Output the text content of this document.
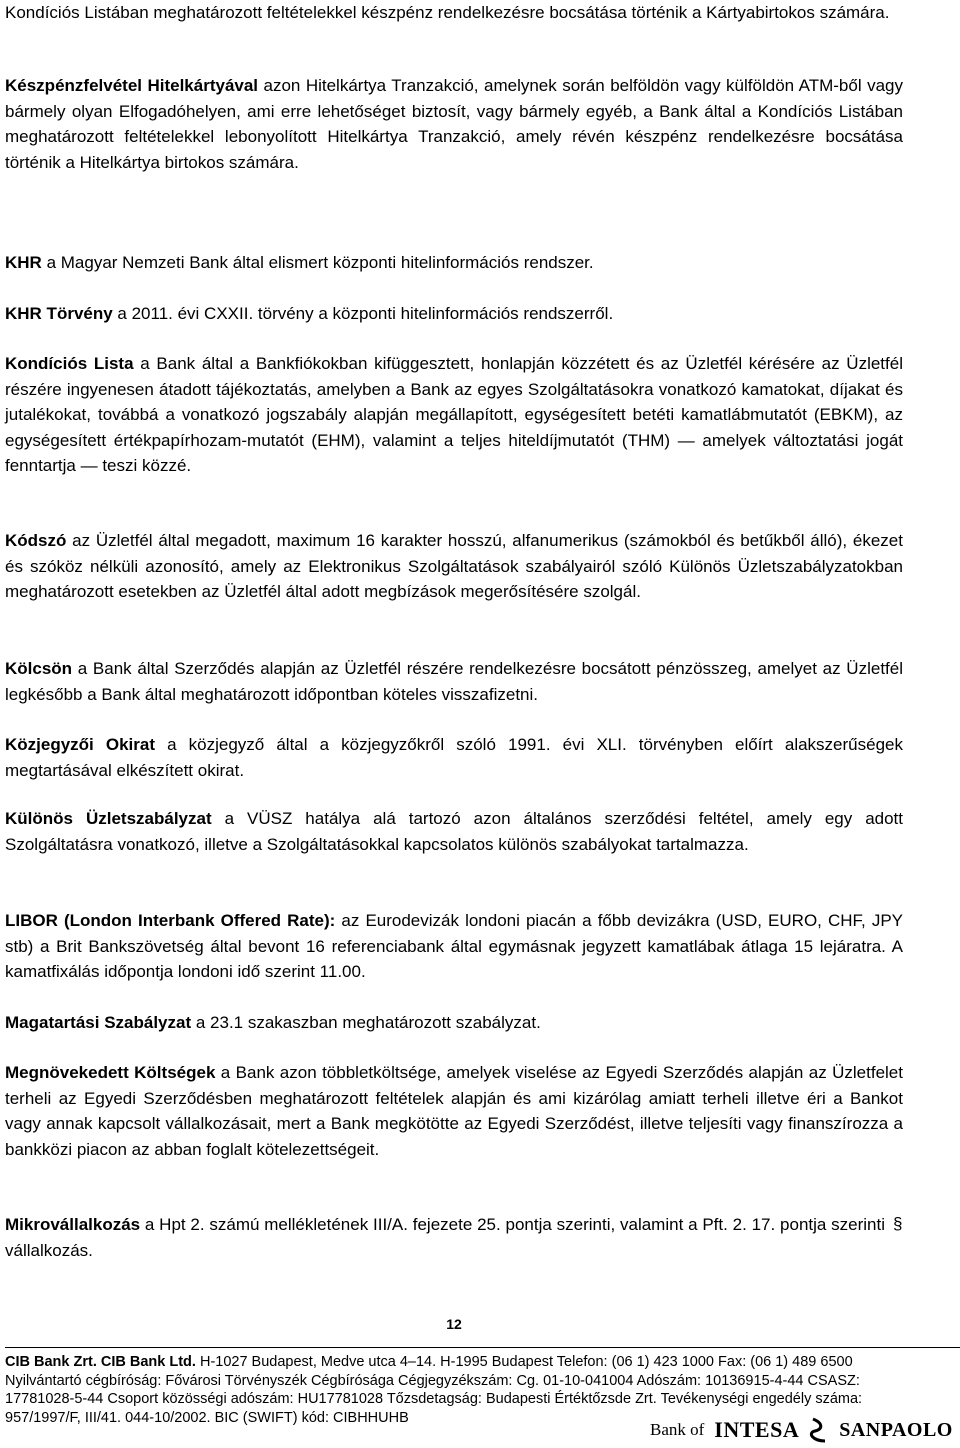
Kondíciós Listában meghatározott feltételekkel készpénz rendelkezésre bocsátása történik a Kártyabirtokos számára.

Készpénzfelvétel Hitelkártyával azon Hitelkártya Tranzakció, amelynek során belföldön vagy külföldön ATM-ből vagy bármely olyan Elfogadóhelyen, ami erre lehetőséget biztosít, vagy bármely egyéb, a Bank által a Kondíciós Listában meghatározott feltételekkel lebonyolított Hitelkártya Tranzakció, amely révén készpénz rendelkezésre bocsátása történik a Hitelkártya birtokos számára.

KHR a Magyar Nemzeti Bank által elismert központi hitelinformációs rendszer.

KHR Törvény a 2011. évi CXXII. törvény a központi hitelinformációs rendszerről.

Kondíciós Lista a Bank által a Bankfiókokban kifüggesztett, honlapján közzétett és az Üzletfél kérésére az Üzletfél részére ingyenesen átadott tájékoztatás, amelyben a Bank az egyes Szolgáltatásokra vonatkozó kamatokat, díjakat és jutalékokat, továbbá a vonatkozó jogszabály alapján megállapított, egységesített betéti kamatlábmutatót (EBKM), az egységesített értékpapírhozam-mutatót (EHM), valamint a teljes hiteldíjmutatót (THM) — amelyek változtatási jogát fenntartja — teszi közzé.

Kódszó az Üzletfél által megadott, maximum 16 karakter hosszú, alfanumerikus (számokból és betűkből álló), ékezet és szóköz nélküli azonosító, amely az Elektronikus Szolgáltatások szabályairól szóló Különös Üzletszabályzatokban meghatározott esetekben az Üzletfél által adott megbízások megerősítésére szolgál.

Kölcsön a Bank által Szerződés alapján az Üzletfél részére rendelkezésre bocsátott pénzösszeg, amelyet az Üzletfél legkésőbb a Bank által meghatározott időpontban köteles visszafizetni.

Közjegyzői Okirat a közjegyző által a közjegyzőkről szóló 1991. évi XLI. törvényben előírt alakszerűségek megtartásával elkészített okirat.

Különös Üzletszabályzat a VÜSZ hatálya alá tartozó azon általános szerződési feltétel, amely egy adott Szolgáltatásra vonatkozó, illetve a Szolgáltatásokkal kapcsolatos különös szabályokat tartalmazza.

LIBOR (London Interbank Offered Rate): az Eurodevizák londoni piacán a főbb devizákra (USD, EURO, CHF, JPY stb) a Brit Bankszövetség által bevont 16 referenciabank által egymásnak jegyzett kamatlábak átlaga 15 lejáratra. A kamatfixálás időpontja londoni idő szerint 11.00.

Magatartási Szabályzat a 23.1 szakaszban meghatározott szabályzat.

Megnövekedett Költségek a Bank azon többletköltsége, amelyek viselése az Egyedi Szerződés alapján az Üzletfelet terheli az Egyedi Szerződésben meghatározott feltételek alapján és ami kizárólag amiatt terheli illetve éri a Bankot vagy annak kapcsolt vállalkozásait, mert a Bank megkötötte az Egyedi Szerződést, illetve teljesíti vagy finanszírozza a bankközi piacon az abban foglalt kötelezettségeit.

Mikrovállalkozás a Hpt 2. számú mellékletének III/A. fejezete 25. pontja szerinti, valamint a Pft. 2. 17. pontja szerinti vállalkozás.

§
12
CIB Bank Zrt. CIB Bank Ltd. H-1027 Budapest, Medve utca 4–14. H-1995 Budapest Telefon: (06 1) 423 1000 Fax: (06 1) 489 6500
Nyilvántartó cégbíróság: Fővárosi Törvényszék Cégbírósága Cégjegyzékszám: Cg. 01-10-041004 Adószám: 10136915-4-44 CSASZ:
17781028-5-44 Csoport közösségi adószám: HU17781028 Tőzsdetagság: Budapesti Értéktőzsde Zrt. Tevékenységi engedély száma:
957/1997/F, III/41. 044-10/2002. BIC (SWIFT) kód: CIBHHUHB
Bank of INTESA SANPAOLO
